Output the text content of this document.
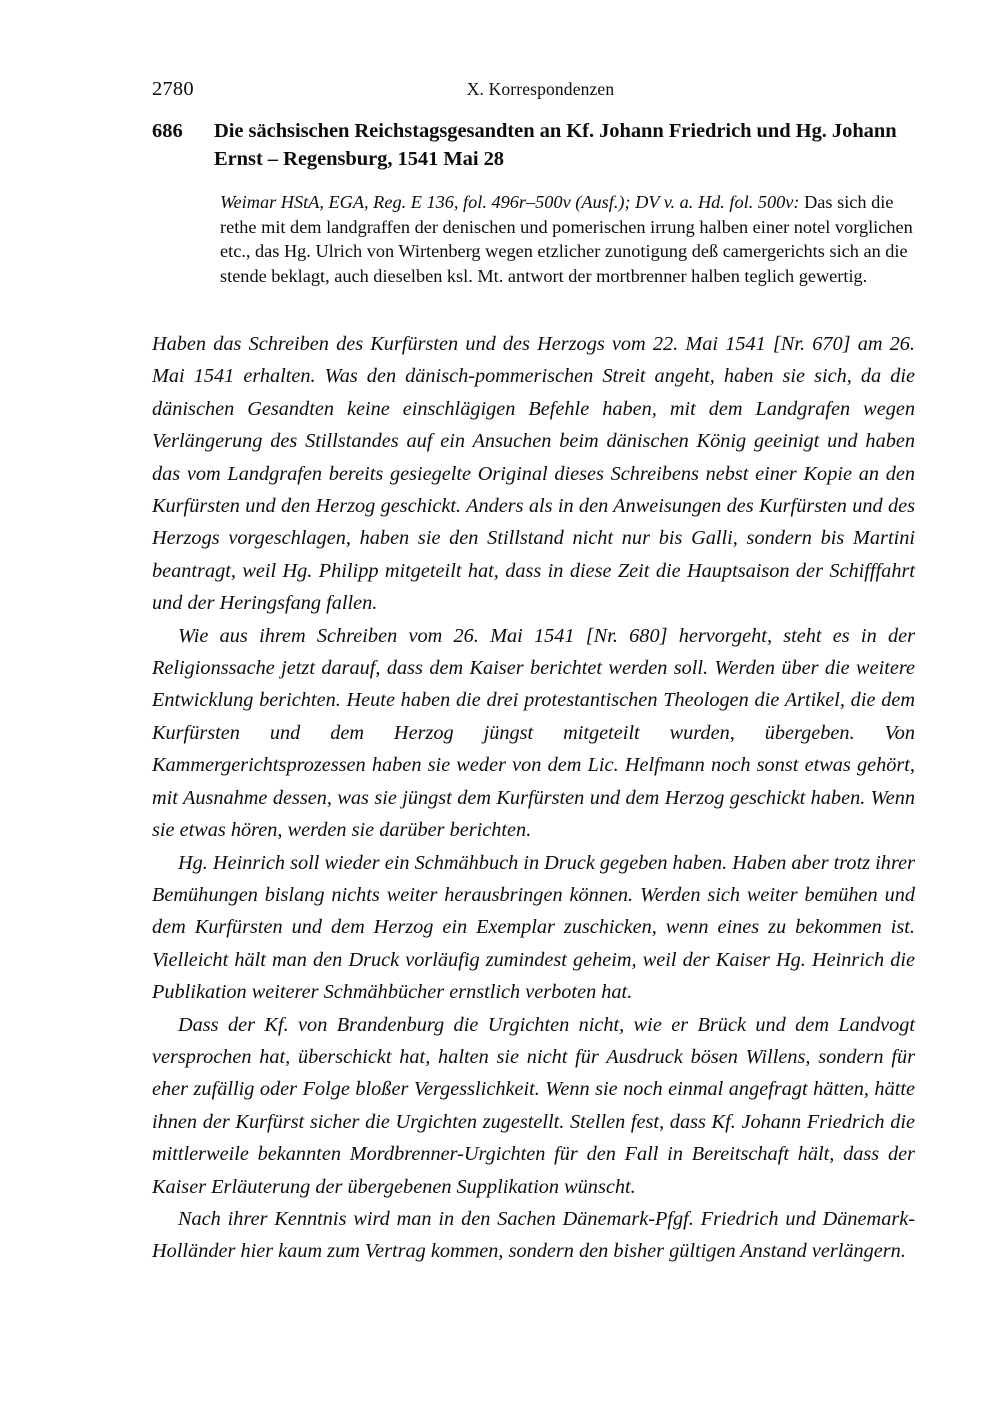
2780	X. Korrespondenzen
686	Die sächsischen Reichstagsgesandten an Kf. Johann Friedrich und Hg. Johann Ernst – Regensburg, 1541 Mai 28
Weimar HStA, EGA, Reg. E 136, fol. 496r–500v (Ausf.); DV v. a. Hd. fol. 500v: Das sich die rethe mit dem landgraffen der denischen und pomerischen irrung halben einer notel vorglichen etc., das Hg. Ulrich von Wirtenberg wegen etzlicher zunotigung deß camergerichts sich an die stende beklagt, auch dieselben ksl. Mt. antwort der mortbrenner halben teglich gewertig.

Haben das Schreiben des Kurfürsten und des Herzogs vom 22. Mai 1541 [Nr. 670] am 26. Mai 1541 erhalten. Was den dänisch-pommerischen Streit angeht, haben sie sich, da die dänischen Gesandten keine einschlägigen Befehle haben, mit dem Landgrafen wegen Verlängerung des Stillstandes auf ein Ansuchen beim dänischen König geeinigt und haben das vom Landgrafen bereits gesiegelte Original dieses Schreibens nebst einer Kopie an den Kurfürsten und den Herzog geschickt. Anders als in den Anweisungen des Kurfürsten und des Herzogs vorgeschlagen, haben sie den Stillstand nicht nur bis Galli, sondern bis Martini beantragt, weil Hg. Philipp mitgeteilt hat, dass in diese Zeit die Hauptsaison der Schifffahrt und der Heringsfang fallen.

Wie aus ihrem Schreiben vom 26. Mai 1541 [Nr. 680] hervorgeht, steht es in der Religionssache jetzt darauf, dass dem Kaiser berichtet werden soll. Werden über die weitere Entwicklung berichten. Heute haben die drei protestantischen Theologen die Artikel, die dem Kurfürsten und dem Herzog jüngst mitgeteilt wurden, übergeben. Von Kammergerichtsprozessen haben sie weder von dem Lic. Helfmann noch sonst etwas gehört, mit Ausnahme dessen, was sie jüngst dem Kurfürsten und dem Herzog geschickt haben. Wenn sie etwas hören, werden sie darüber berichten.

Hg. Heinrich soll wieder ein Schmähbuch in Druck gegeben haben. Haben aber trotz ihrer Bemühungen bislang nichts weiter herausbringen können. Werden sich weiter bemühen und dem Kurfürsten und dem Herzog ein Exemplar zuschicken, wenn eines zu bekommen ist. Vielleicht hält man den Druck vorläufig zumindest geheim, weil der Kaiser Hg. Heinrich die Publikation weiterer Schmähbücher ernstlich verboten hat.

Dass der Kf. von Brandenburg die Urgichten nicht, wie er Brück und dem Landvogt versprochen hat, überschickt hat, halten sie nicht für Ausdruck bösen Willens, sondern für eher zufällig oder Folge bloßer Vergesslichkeit. Wenn sie noch einmal angefragt hätten, hätte ihnen der Kurfürst sicher die Urgichten zugestellt. Stellen fest, dass Kf. Johann Friedrich die mittlerweile bekannten Mordbrenner-Urgichten für den Fall in Bereitschaft hält, dass der Kaiser Erläuterung der übergebenen Supplikation wünscht.

Nach ihrer Kenntnis wird man in den Sachen Dänemark-Pfgf. Friedrich und Dänemark-Holländer hier kaum zum Vertrag kommen, sondern den bisher gültigen Anstand verlängern.
